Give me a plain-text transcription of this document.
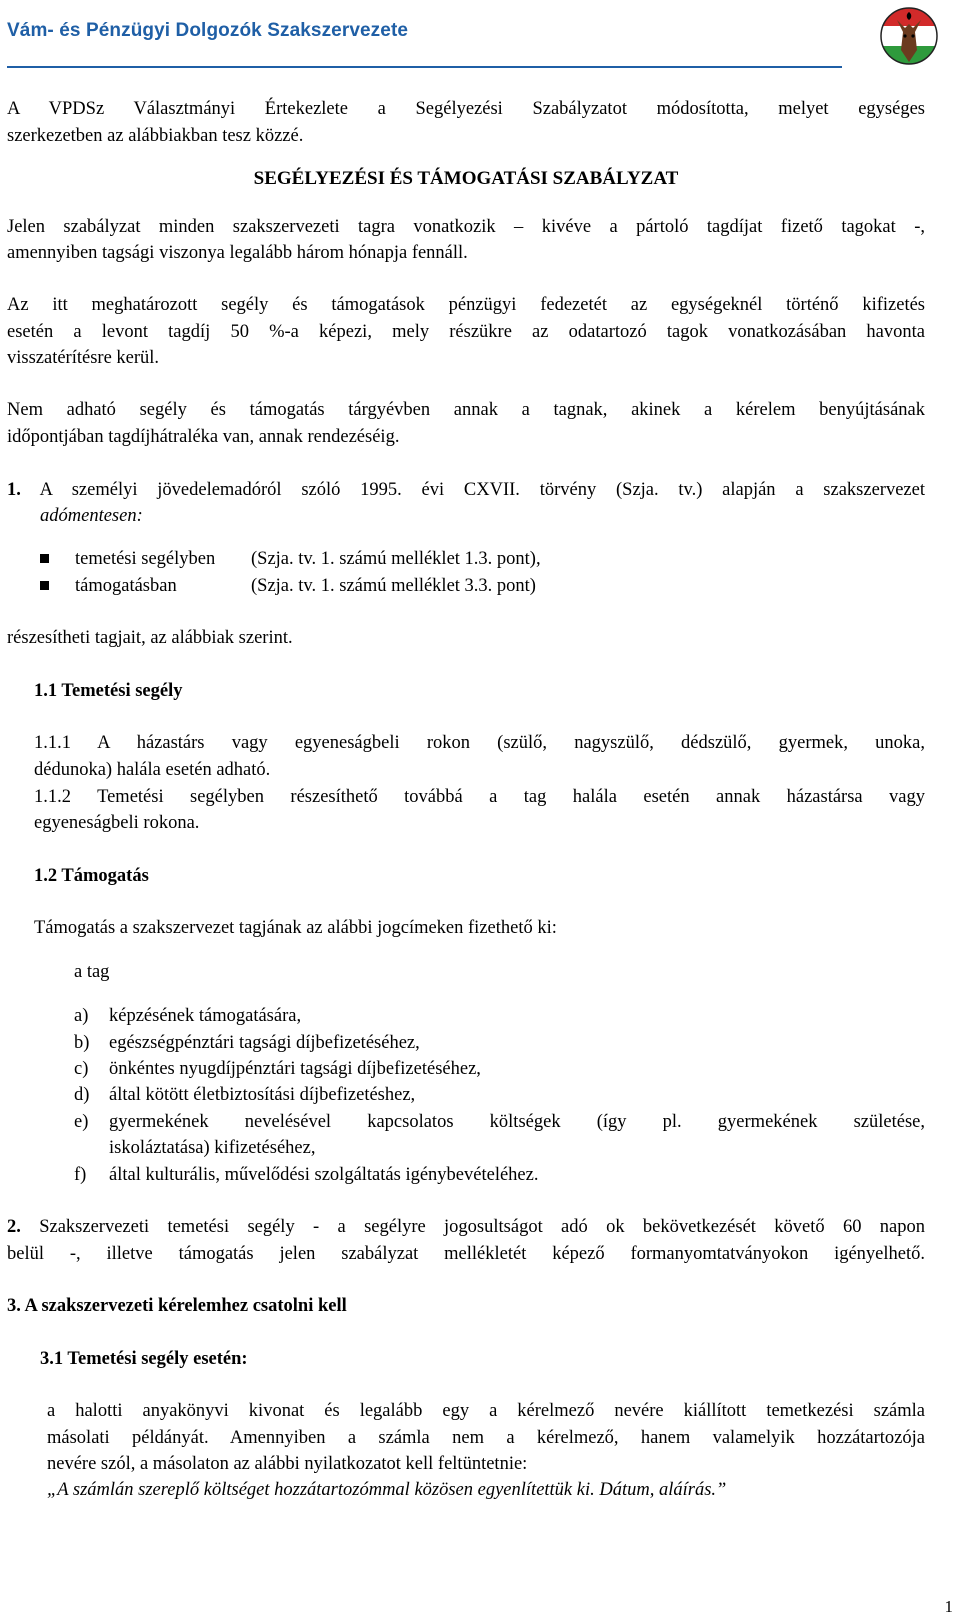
Vám- és Pénzügyi Dolgozók Szakszervezete
A VPDSz Választmányi Értekezlete a Segélyezési Szabályzatot módosította, melyet egységes
szerkezetben az alábbiakban tesz közzé.
SEGÉLYEZÉSI ÉS TÁMOGATÁSI SZABÁLYZAT
Jelen szabályzat minden szakszervezeti tagra vonatkozik – kivéve a pártoló tagdíjat fizető tagokat -,
amennyiben tagsági viszonya legalább három hónapja fennáll.
Az itt meghatározott segély és támogatások pénzügyi fedezetét az egységeknél történő kifizetés
esetén a levont tagdíj 50 %-a képezi, mely részükre az odatartozó tagok vonatkozásában havonta
visszatérítésre kerül.
Nem adható segély és támogatás tárgyévben annak a tagnak, akinek a kérelem benyújtásának
időpontjában tagdíjhátraléka van, annak rendezéséig.
1. A személyi jövedelemadóról szóló 1995. évi CXVII. törvény (Szja. tv.) alapján a szakszervezet
adómentesen:
temetési segélyben (Szja. tv. 1. számú melléklet 1.3. pont),
támogatásban	(Szja. tv. 1. számú melléklet 3.3. pont)
részesítheti tagjait, az alábbiak szerint.
1.1 Temetési segély
1.1.1 A házastárs vagy egyeneságbeli rokon (szülő, nagyszülő, dédszülő, gyermek, unoka,
dédunoka) halála esetén adható.
1.1.2 Temetési segélyben részesíthető továbbá a tag halála esetén annak házastársa vagy
egyeneságbeli rokona.
1.2 Támogatás
Támogatás a szakszervezet tagjának az alábbi jogcímeken fizethető ki:
a tag
a) képzésének támogatására,
b) egészségpénztári tagsági díjbefizetéséhez,
c) önkéntes nyugdíjpénztári tagsági díjbefizetéséhez,
d) által kötött életbiztosítási díjbefizetéshez,
e) gyermekének nevelésével kapcsolatos költségek (így pl. gyermekének születése,
iskoláztatása) kifizetéséhez,
f) által kulturális, művelődési szolgáltatás igénybevételéhez.
2. Szakszervezeti temetési segély - a segélyre jogosultságot adó ok bekövetkezését követő 60 napon
belül -, illetve támogatás jelen szabályzat mellékletét képező formanyomtatványokon igényelhető.
3. A szakszervezeti kérelemhez csatolni kell
3.1 Temetési segély esetén:
a halotti anyakönyvi kivonat és legalább egy a kérelmező nevére kiállított temetkezési számla
másolati példányát. Amennyiben a számla nem a kérelmező, hanem valamelyik hozzátartozója
nevére szól, a másolaton az alábbi nyilatkozatot kell feltüntetnie:
„A számlán szereplő költséget hozzátartozómmal közösen egyenlítettük ki. Dátum, aláírás.”
1
